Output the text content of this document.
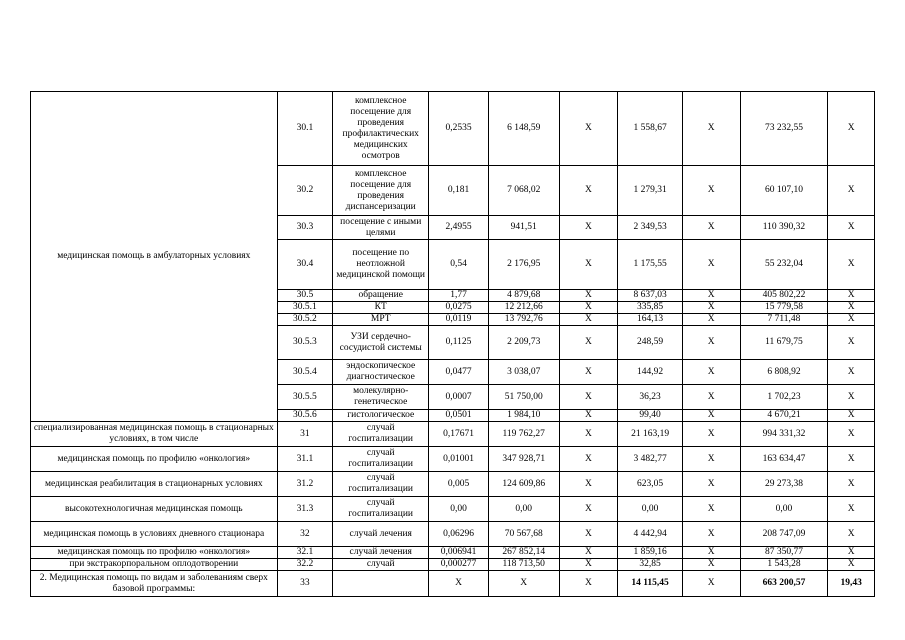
медицинская помощь в амбулаторных условиях	30.1	комплексное посещение для проведения профилактических медицинских осмотров	0,2535	6 148,59	Х	1 558,67	Х	73 232,55	Х
	30.2	комплексное посещение для проведения диспансеризации	0,181	7 068,02	Х	1 279,31	Х	60 107,10	Х
	30.3	посещение с иными целями	2,4955	941,51	Х	2 349,53	Х	110 390,32	Х
	30.4	посещение по неотложной медицинской помощи	0,54	2 176,95	Х	1 175,55	Х	55 232,04	Х
	30.5	обращение	1,77	4 879,68	Х	8 637,03	Х	405 802,22	Х
	30.5.1	КТ	0,0275	12 212,66	Х	335,85	Х	15 779,58	Х
	30.5.2	МРТ	0,0119	13 792,76	Х	164,13	Х	7 711,48	Х
	30.5.3	УЗИ сердечно-сосудистой системы	0,1125	2 209,73	Х	248,59	Х	11 679,75	Х
	30.5.4	эндоскопическое диагностическое	0,0477	3 038,07	Х	144,92	Х	6 808,92	Х
	30.5.5	молекулярно-генетическое	0,0007	51 750,00	Х	36,23	Х	1 702,23	Х
	30.5.6	гистологическое	0,0501	1 984,10	Х	99,40	Х	4 670,21	Х
специализированная медицинская помощь в стационарных условиях, в том числе	31	случай госпитализации	0,17671	119 762,27	Х	21 163,19	Х	994 331,32	Х
медицинская помощь по профилю «онкология»	31.1	случай госпитализации	0,01001	347 928,71	Х	3 482,77	Х	163 634,47	Х
медицинская реабилитация в стационарных условиях	31.2	случай госпитализации	0,005	124 609,86	Х	623,05	Х	29 273,38	Х
высокотехнологичная медицинская помощь	31.3	случай госпитализации	0,00	0,00	Х	0,00	Х	0,00	Х
медицинская помощь в условиях дневного стационара	32	случай лечения	0,06296	70 567,68	Х	4 442,94	Х	208 747,09	Х
медицинская помощь по профилю «онкология»	32.1	случай лечения	0,006941	267 852,14	Х	1 859,16	Х	87 350,77	Х
при экстракорпоральном оплодотворении	32.2	случай	0,000277	118 713,50	Х	32,85	Х	1 543,28	Х
2. Медицинская помощь по видам и заболеваниям сверх базовой программы:	33		Х	Х	Х	14 115,45	Х	663 200,57	19,43
